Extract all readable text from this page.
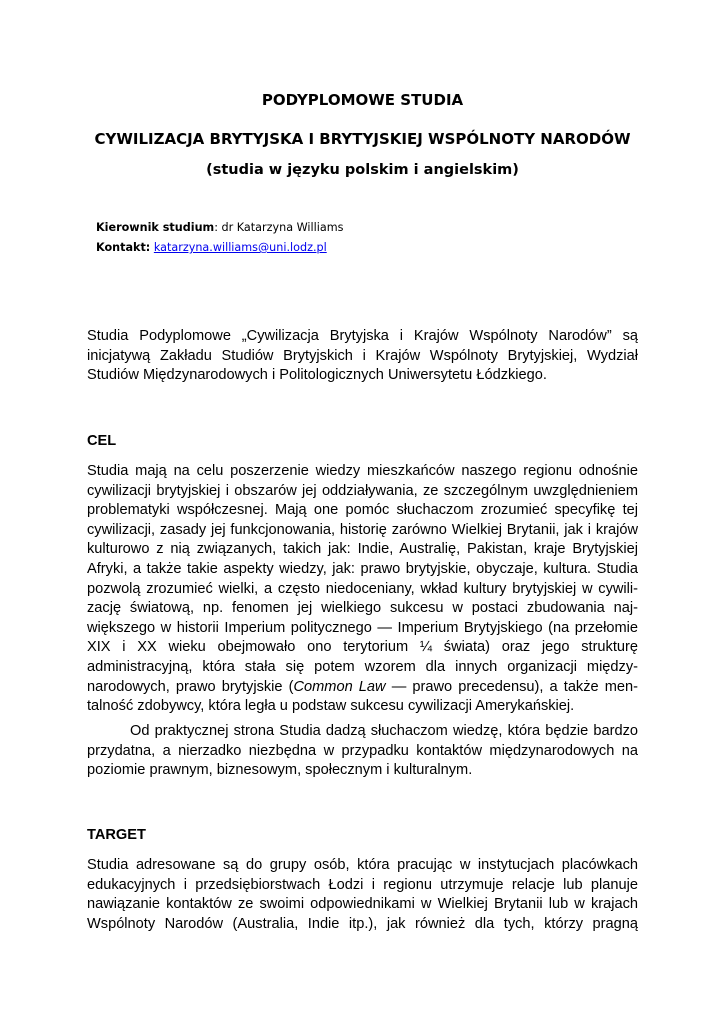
PODYPLOMOWE STUDIA
CYWILIZACJA BRYTYJSKA I BRYTYJSKIEJ WSPÓLNOTY NARODÓW
(studia w języku polskim i angielskim)
Kierownik studium: dr Katarzyna Williams
Kontakt: katarzyna.williams@uni.lodz.pl
Studia Podyplomowe „Cywilizacja Brytyjska i Krajów Wspólnoty Narodów” są
inicjatywą Zakładu Studiów Brytyjskich i Krajów Wspólnoty Brytyjskiej, Wydział
Studiów Międzynarodowych i Politologicznych Uniwersytetu Łódzkiego.
CEL
Studia mają na celu poszerzenie wiedzy mieszkańców naszego regionu odnośnie
cywilizacji brytyjskiej i obszarów jej oddziaływania, ze szczególnym uwzględnieniem
problematyki współczesnej. Mają one pomóc słuchaczom zrozumieć specyfikę tej
cywilizacji, zasady jej funkcjonowania, historię zarówno Wielkiej Brytanii, jak i krajów
kulturowo z nią związanych, takich jak: Indie, Australię, Pakistan, kraje Brytyjskiej
Afryki, a także takie aspekty wiedzy, jak: prawo brytyjskie, obyczaje, kultura. Studia
pozwolą zrozumieć wielki, a często niedoceniany, wkład kultury brytyjskiej w cywili-
zację światową, np. fenomen jej wielkiego sukcesu w postaci zbudowania naj-
większego w historii Imperium politycznego — Imperium Brytyjskiego (na przełomie
XIX i XX wieku obejmowało ono terytorium ¼ świata) oraz jego strukturę
administracyjną, która stała się potem wzorem dla innych organizacji między-
narodowych, prawo brytyjskie (Common Law — prawo precedensu), a także men-
talność zdobywcy, która legła u podstaw sukcesu cywilizacji Amerykańskiej.
Od praktycznej strona Studia dadzą słuchaczom wiedzę, która będzie bardzo
przydatna, a nierzadko niezbędna w przypadku kontaktów międzynarodowych na
poziomie prawnym, biznesowym, społecznym i kulturalnym.
TARGET
Studia adresowane są do grupy osób, która pracując w instytucjach placówkach
edukacyjnych i przedsiębiorstwach Łodzi i regionu utrzymuje relacje lub planuje
nawiązanie kontaktów ze swoimi odpowiednikami w Wielkiej Brytanii lub w krajach
Wspólnoty Narodów (Australia, Indie itp.), jak również dla tych, którzy pragną
